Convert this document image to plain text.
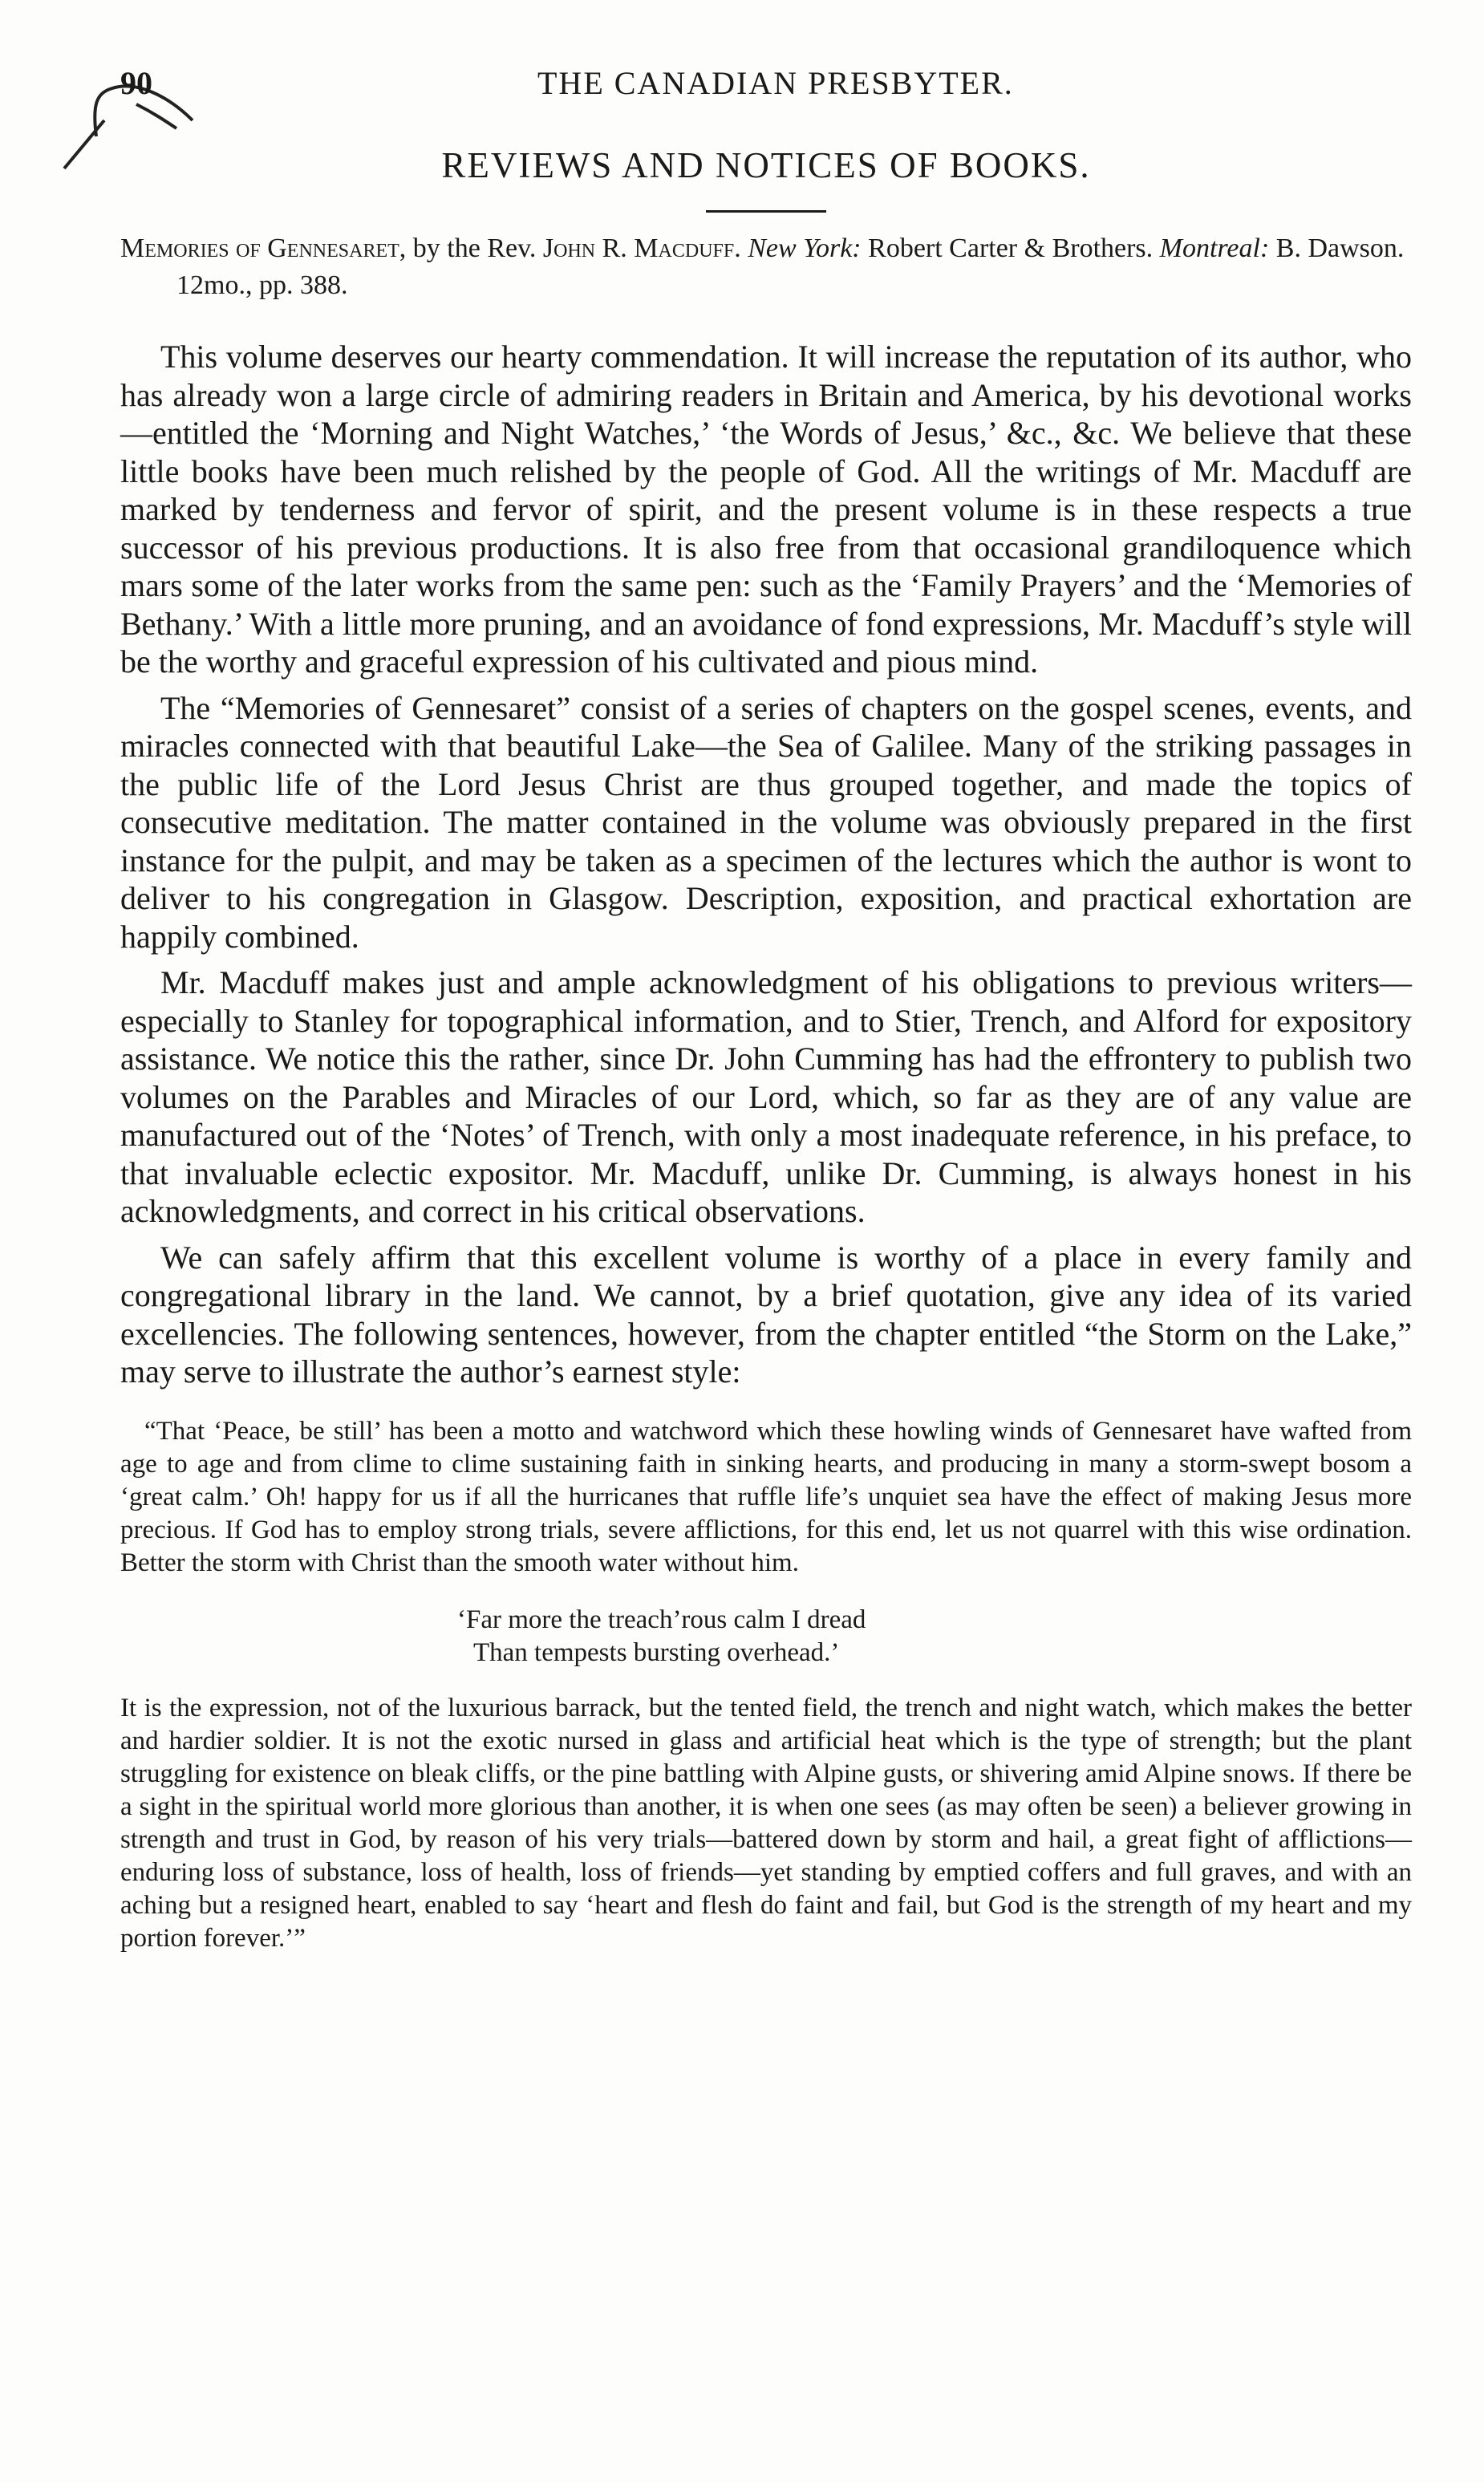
90	THE CANADIAN PRESBYTER.
REVIEWS AND NOTICES OF BOOKS.
Memories of Gennesaret, by the Rev. John R. Macduff. New York: Robert Carter & Brothers. Montreal: B. Dawson. 12mo., pp. 388.

This volume deserves our hearty commendation. It will increase the reputation of its author, who has already won a large circle of admiring readers in Britain and America, by his devotional works—entitled the ‘Morning and Night Watches,’ ‘the Words of Jesus,’ &c., &c. We believe that these little books have been much relished by the people of God. All the writings of Mr. Macduff are marked by tenderness and fervor of spirit, and the present volume is in these respects a true successor of his previous productions. It is also free from that occasional grandiloquence which mars some of the later works from the same pen: such as the ‘Family Prayers’ and the ‘Memories of Bethany.’ With a little more pruning, and an avoidance of fond expressions, Mr. Macduff’s style will be the worthy and graceful expression of his cultivated and pious mind.

The “Memories of Gennesaret” consist of a series of chapters on the gospel scenes, events, and miracles connected with that beautiful Lake—the Sea of Galilee. Many of the striking passages in the public life of the Lord Jesus Christ are thus grouped together, and made the topics of consecutive meditation. The matter contained in the volume was obviously prepared in the first instance for the pulpit, and may be taken as a specimen of the lectures which the author is wont to deliver to his congregation in Glasgow. Description, exposition, and practical exhortation are happily combined.

Mr. Macduff makes just and ample acknowledgment of his obligations to previous writers—especially to Stanley for topographical information, and to Stier, Trench, and Alford for expository assistance. We notice this the rather, since Dr. John Cumming has had the effrontery to publish two volumes on the Parables and Miracles of our Lord, which, so far as they are of any value are manufactured out of the ‘Notes’ of Trench, with only a most inadequate reference, in his preface, to that invaluable eclectic expositor. Mr. Macduff, unlike Dr. Cumming, is always honest in his acknowledgments, and correct in his critical observations.

We can safely affirm that this excellent volume is worthy of a place in every family and congregational library in the land. We cannot, by a brief quotation, give any idea of its varied excellencies. The following sentences, however, from the chapter entitled “the Storm on the Lake,” may serve to illustrate the author’s earnest style:

“That ‘Peace, be still’ has been a motto and watchword which these howling winds of Gennesaret have wafted from age to age and from clime to clime sustaining faith in sinking hearts, and producing in many a storm-swept bosom a ‘great calm.’ Oh! happy for us if all the hurricanes that ruffle life’s unquiet sea have the effect of making Jesus more precious. If God has to employ strong trials, severe afflictions, for this end, let us not quarrel with this wise ordination. Better the storm with Christ than the smooth water without him.

‘Far more the treach’rous calm I dread
Than tempests bursting overhead.’

It is the expression, not of the luxurious barrack, but the tented field, the trench and night watch, which makes the better and hardier soldier. It is not the exotic nursed in glass and artificial heat which is the type of strength; but the plant struggling for existence on bleak cliffs, or the pine battling with Alpine gusts, or shivering amid Alpine snows. If there be a sight in the spiritual world more glorious than another, it is when one sees (as may often be seen) a believer growing in strength and trust in God, by reason of his very trials—battered down by storm and hail, a great fight of afflictions—enduring loss of substance, loss of health, loss of friends—yet standing by emptied coffers and full graves, and with an aching but a resigned heart, enabled to say ‘heart and flesh do faint and fail, but God is the strength of my heart and my portion forever.’”
